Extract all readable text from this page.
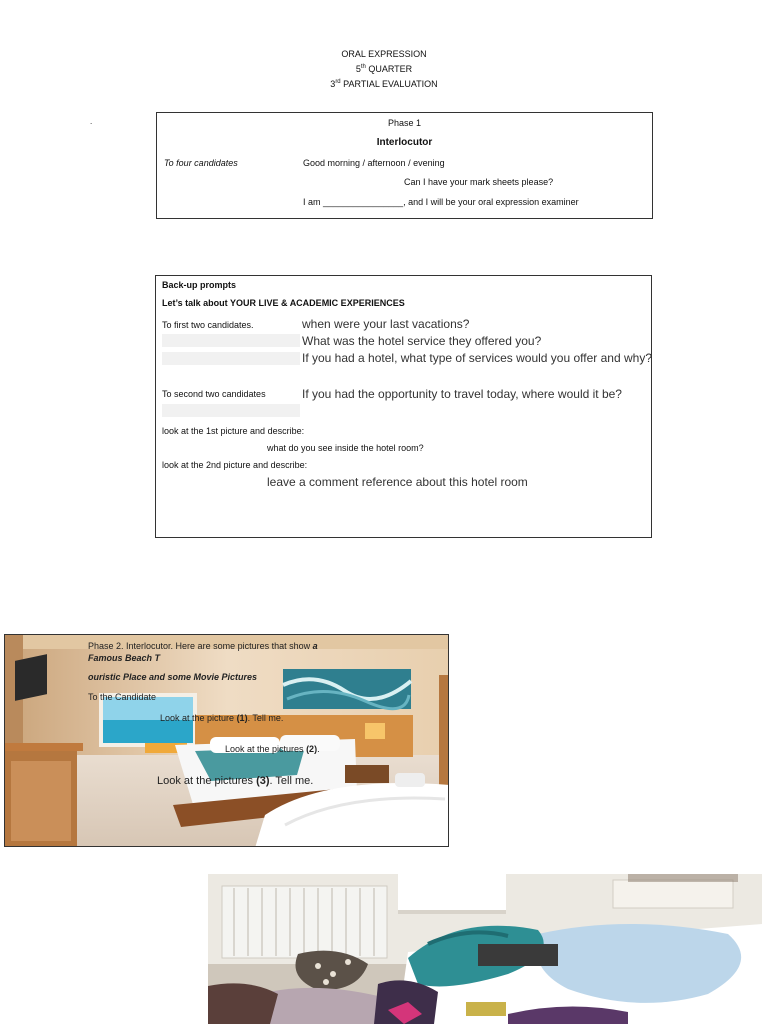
ORAL EXPRESSION
5th QUARTER
3rd PARTIAL EVALUATION
.	Phase 1
Interlocutor
To four candidates	Good morning / afternoon / evening
Can I have your mark sheets please?
I am ________________, and I will be your oral expression examiner
Back-up prompts
Let’s talk about YOUR LIVE & ACADEMIC EXPERIENCES
To first two candidates.	when were your last vacations?
What was the hotel service they offered you?
If you had a hotel, what type of services would you offer and why?
To second two candidates	If you had the opportunity to travel today, where would it be?
look at the 1st picture and describe:
what do you see inside the hotel room?
look at the 2nd picture and describe:
leave a comment reference about this hotel room
Phase 2. Interlocutor. Here are some pictures that show a
Famous Beach T
ouristic Place and some Movie Pictures
To the Candidate
Look at the picture (1). Tell me.
Look at the pictures (2).
Look at the pictures (3). Tell me.
